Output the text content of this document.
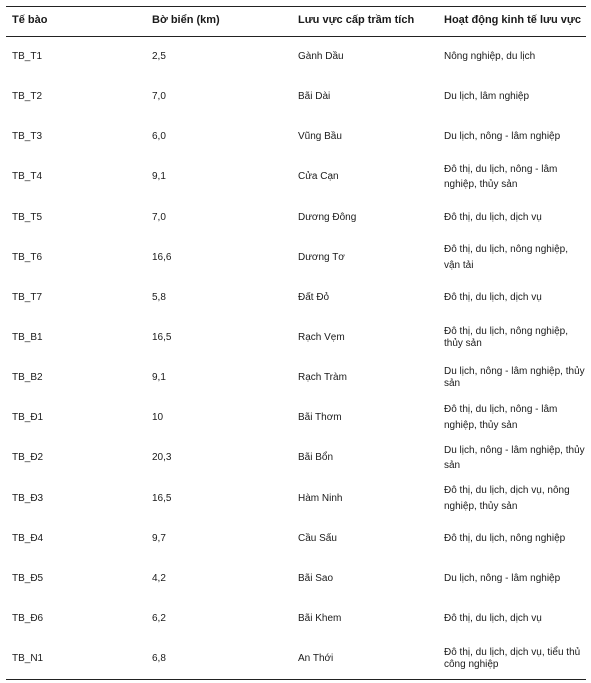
Tế bào	Bờ biển (km)	Lưu vực cấp trầm tích	Hoạt động kinh tế lưu vực
TB_T1	2,5	Gành Dầu	Nông nghiệp, du lịch
TB_T2	7,0	Bãi Dài	Du lịch, lâm nghiệp
TB_T3	6,0	Vũng Bầu	Du lịch, nông - lâm nghiệp
TB_T4	9,1	Cửa Cạn	Đô thị, du lịch, nông - lâm nghiệp, thủy sản
TB_T5	7,0	Dương Đông	Đô thị, du lịch, dịch vụ
TB_T6	16,6	Dương Tơ	Đô thị, du lịch, nông nghiệp, vận tải
TB_T7	5,8	Đất Đỏ	Đô thị, du lịch, dịch vụ
TB_B1	16,5	Rạch Vẹm	Đô thị, du lịch, nông nghiệp, thủy sản
TB_B2	9,1	Rạch Tràm	Du lịch, nông - lâm nghiệp, thủy sản
TB_Đ1	10	Bãi Thơm	Đô thị, du lịch, nông - lâm nghiệp, thủy sản
TB_Đ2	20,3	Bãi Bổn	Du lịch, nông - lâm nghiệp, thủy sản
TB_Đ3	16,5	Hàm Ninh	Đô thị, du lịch, dịch vụ, nông nghiệp, thủy sản
TB_Đ4	9,7	Cầu Sấu	Đô thị, du lịch, nông nghiệp
TB_Đ5	4,2	Bãi Sao	Du lịch, nông - lâm nghiệp
TB_Đ6	6,2	Bãi Khem	Đô thị, du lịch, dịch vụ
TB_N1	6,8	An Thới	Đô thị, du lịch, dịch vụ, tiểu thủ công nghiệp
